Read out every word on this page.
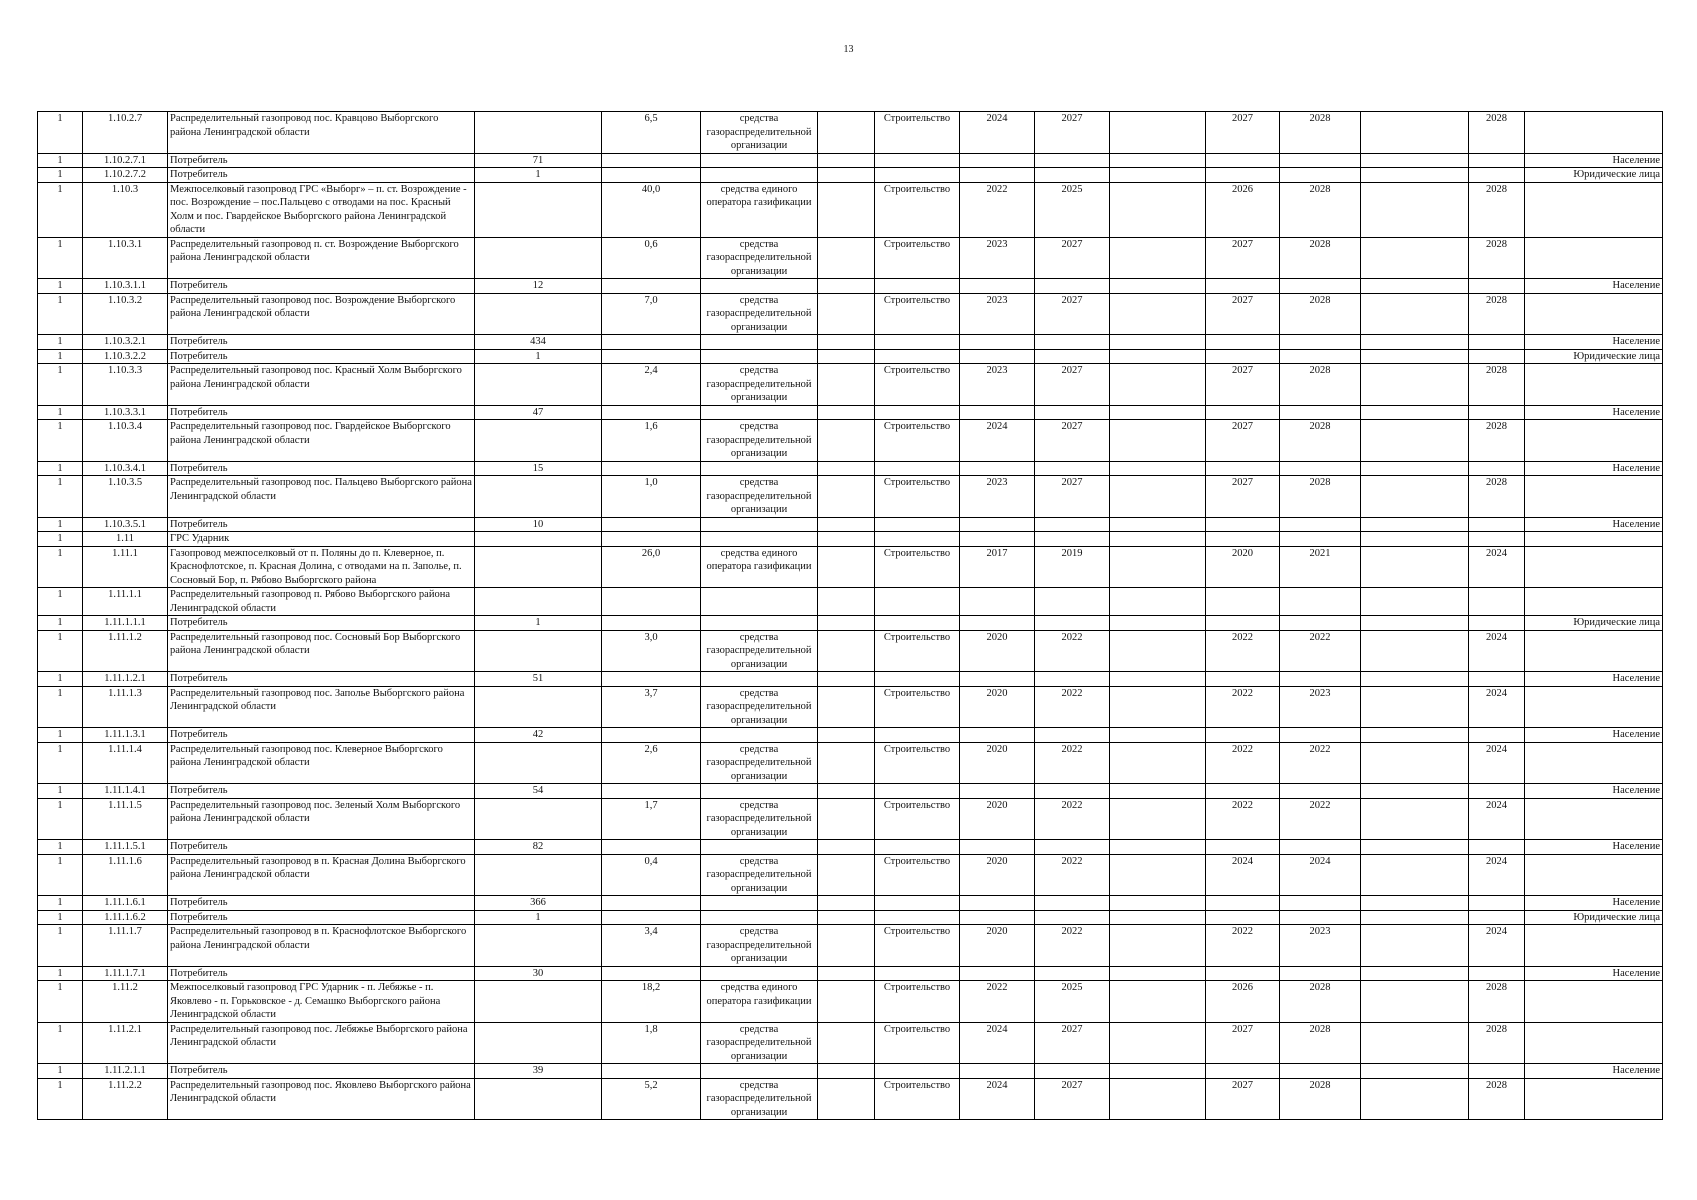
13
1	1.10.2.7	Распределительный газопровод пос. Кравцово Выборгского района Ленинградской области		6,5	средства газораспределительной организации		Строительство	2024	2027		2027	2028		2028	
1	1.10.2.7.1	Потребитель	71												Население
1	1.10.2.7.2	Потребитель	1												Юридические лица
1	1.10.3	Межпоселковый газопровод ГРС «Выборг» – п. ст. Возрождение - пос. Возрождение – пос.Пальцево с отводами на пос. Красный Холм и пос. Гвардейское Выборгского района Ленинградской области		40,0	средства единого оператора газификации		Строительство	2022	2025		2026	2028		2028	
1	1.10.3.1	Распределительный газопровод п. ст. Возрождение Выборгского района Ленинградской области		0,6	средства газораспределительной организации		Строительство	2023	2027		2027	2028		2028	
1	1.10.3.1.1	Потребитель	12												Население
1	1.10.3.2	Распределительный газопровод пос. Возрождение Выборгского района Ленинградской области		7,0	средства газораспределительной организации		Строительство	2023	2027		2027	2028		2028	
1	1.10.3.2.1	Потребитель	434												Население
1	1.10.3.2.2	Потребитель	1												Юридические лица
1	1.10.3.3	Распределительный газопровод пос. Красный Холм Выборгского района Ленинградской области		2,4	средства газораспределительной организации		Строительство	2023	2027		2027	2028		2028	
1	1.10.3.3.1	Потребитель	47												Население
1	1.10.3.4	Распределительный газопровод пос. Гвардейское Выборгского района Ленинградской области		1,6	средства газораспределительной организации		Строительство	2024	2027		2027	2028		2028	
1	1.10.3.4.1	Потребитель	15												Население
1	1.10.3.5	Распределительный газопровод пос. Пальцево Выборгского района Ленинградской области		1,0	средства газораспределительной организации		Строительство	2023	2027		2027	2028		2028	
1	1.10.3.5.1	Потребитель	10												Население
1	1.11	ГРС Ударник													
1	1.11.1	Газопровод межпоселковый от п. Поляны до п. Клеверное, п. Краснофлотское, п. Красная Долина, с отводами на п. Заполье, п. Сосновый Бор, п. Рябово Выборгского района		26,0	средства единого оператора газификации		Строительство	2017	2019		2020	2021		2024	
1	1.11.1.1	Распределительный газопровод п. Рябово Выборгского района Ленинградской области													
1	1.11.1.1.1	Потребитель	1												Юридические лица
1	1.11.1.2	Распределительный газопровод пос. Сосновый Бор Выборгского района Ленинградской области		3,0	средства газораспределительной организации		Строительство	2020	2022		2022	2022		2024	
1	1.11.1.2.1	Потребитель	51												Население
1	1.11.1.3	Распределительный газопровод пос. Заполье Выборгского района Ленинградской области		3,7	средства газораспределительной организации		Строительство	2020	2022		2022	2023		2024	
1	1.11.1.3.1	Потребитель	42												Население
1	1.11.1.4	Распределительный газопровод пос. Клеверное Выборгского района Ленинградской области		2,6	средства газораспределительной организации		Строительство	2020	2022		2022	2022		2024	
1	1.11.1.4.1	Потребитель	54												Население
1	1.11.1.5	Распределительный газопровод пос. Зеленый Холм Выборгского района Ленинградской области		1,7	средства газораспределительной организации		Строительство	2020	2022		2022	2022		2024	
1	1.11.1.5.1	Потребитель	82												Население
1	1.11.1.6	Распределительный газопровод в п. Красная Долина Выборгского района Ленинградской области		0,4	средства газораспределительной организации		Строительство	2020	2022		2024	2024		2024	
1	1.11.1.6.1	Потребитель	366												Население
1	1.11.1.6.2	Потребитель	1												Юридические лица
1	1.11.1.7	Распределительный газопровод в п. Краснофлотское Выборгского района Ленинградской области		3,4	средства газораспределительной организации		Строительство	2020	2022		2022	2023		2024	
1	1.11.1.7.1	Потребитель	30												Население
1	1.11.2	Межпоселковый газопровод ГРС Ударник - п. Лебяжье - п. Яковлево - п. Горьковское - д. Семашко Выборгского района Ленинградской области		18,2	средства единого оператора газификации		Строительство	2022	2025		2026	2028		2028	
1	1.11.2.1	Распределительный газопровод пос. Лебяжье Выборгского района Ленинградской области		1,8	средства газораспределительной организации		Строительство	2024	2027		2027	2028		2028	
1	1.11.2.1.1	Потребитель	39												Население
1	1.11.2.2	Распределительный газопровод пос. Яковлево Выборгского района Ленинградской области		5,2	средства газораспределительной организации		Строительство	2024	2027		2027	2028		2028	
